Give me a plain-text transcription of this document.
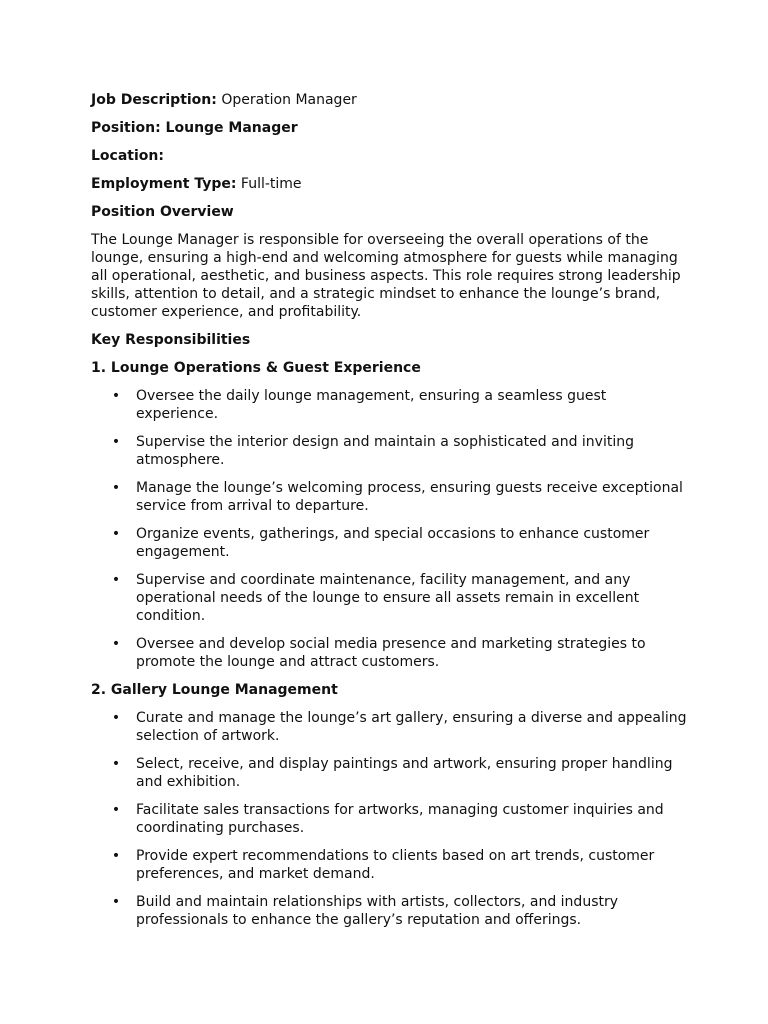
Job Description: Operation Manager
Position: Lounge Manager
Location:
Employment Type: Full-time
Position Overview
The Lounge Manager is responsible for overseeing the overall operations of the lounge, ensuring a high-end and welcoming atmosphere for guests while managing all operational, aesthetic, and business aspects. This role requires strong leadership skills, attention to detail, and a strategic mindset to enhance the lounge’s brand, customer experience, and profitability.
Key Responsibilities
1. Lounge Operations & Guest Experience
• Oversee the daily lounge management, ensuring a seamless guest experience.
• Supervise the interior design and maintain a sophisticated and inviting atmosphere.
• Manage the lounge’s welcoming process, ensuring guests receive exceptional service from arrival to departure.
• Organize events, gatherings, and special occasions to enhance customer engagement.
• Supervise and coordinate maintenance, facility management, and any operational needs of the lounge to ensure all assets remain in excellent condition.
• Oversee and develop social media presence and marketing strategies to promote the lounge and attract customers.
2. Gallery Lounge Management
• Curate and manage the lounge’s art gallery, ensuring a diverse and appealing selection of artwork.
• Select, receive, and display paintings and artwork, ensuring proper handling and exhibition.
• Facilitate sales transactions for artworks, managing customer inquiries and coordinating purchases.
• Provide expert recommendations to clients based on art trends, customer preferences, and market demand.
• Build and maintain relationships with artists, collectors, and industry professionals to enhance the gallery’s reputation and offerings.
